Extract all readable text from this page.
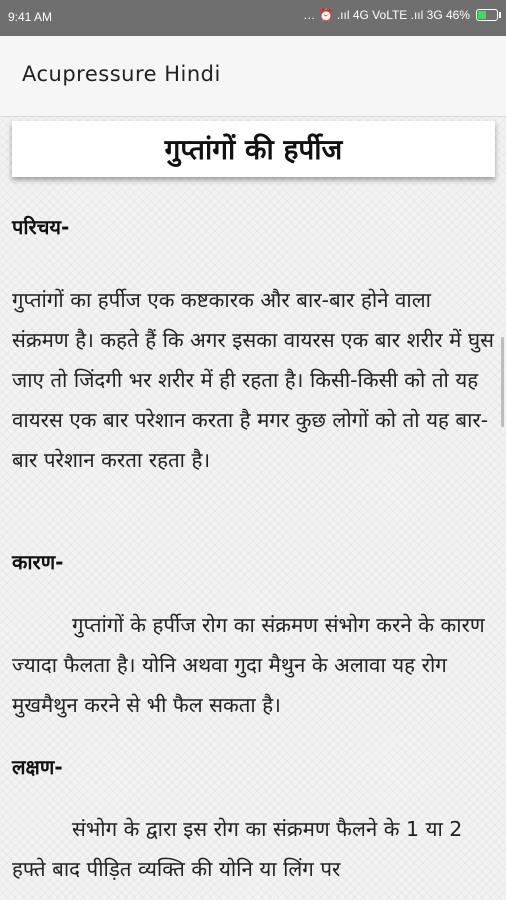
9:41 AM	… ⏰ .ııl 4G VoLTE .ııl 3G 46%
Acupressure Hindi
गुप्तांगों की हर्पीज
परिचय-

गुप्तांगों का हर्पीज एक कष्टकारक और बार-बार होने वाला संक्रमण है। कहते हैं कि अगर इसका वायरस एक बार शरीर में घुस जाए तो जिंदगी भर शरीर में ही रहता है। किसी-किसी को तो यह वायरस एक बार परेशान करता है मगर कुछ लोगों को तो यह बार-बार परेशान करता रहता है।

कारण-

गुप्तांगों के हर्पीज रोग का संक्रमण संभोग करने के कारण ज्यादा फैलता है। योनि अथवा गुदा मैथुन के अलावा यह रोग मुखमैथुन करने से भी फैल सकता है।

लक्षण-

संभोग के द्वारा इस रोग का संक्रमण फैलने के 1 या 2 हफ्ते बाद पीड़ित व्यक्ति की योनि या लिंग पर
